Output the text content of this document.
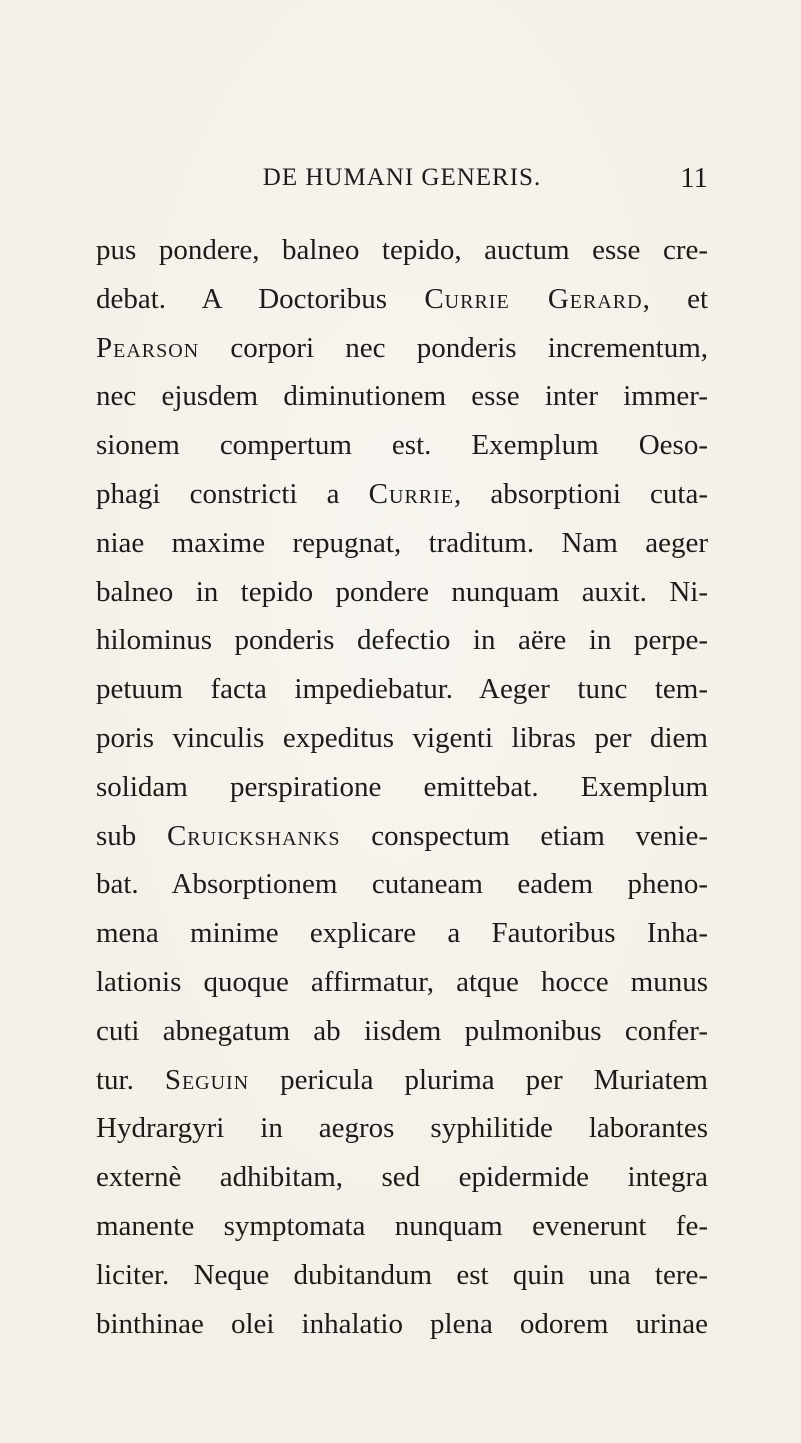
DE HUMANI GENERIS.	11
pus pondere, balneo tepido, auctum esse cre-
debat. A Doctoribus Currie Gerard, et
Pearson corpori nec ponderis incrementum,
nec ejusdem diminutionem esse inter immer-
sionem compertum est. Exemplum Oeso-
phagi constricti a Currie, absorptioni cuta-
niae maxime repugnat, traditum. Nam aeger
balneo in tepido pondere nunquam auxit. Ni-
hilominus ponderis defectio in aëre in perpe-
petuum facta impediebatur. Aeger tunc tem-
poris vinculis expeditus vigenti libras per diem
solidam perspiratione emittebat. Exemplum
sub Cruickshanks conspectum etiam venie-
bat. Absorptionem cutaneam eadem pheno-
mena minime explicare a Fautoribus Inha-
lationis quoque affirmatur, atque hocce munus
cuti abnegatum ab iisdem pulmonibus confer-
tur. Seguin pericula plurima per Muriatem
Hydrargyri in aegros syphilitide laborantes
externè adhibitam, sed epidermide integra
manente symptomata nunquam evenerunt fe-
liciter. Neque dubitandum est quin una tere-
binthinae olei inhalatio plena odorem urinae
